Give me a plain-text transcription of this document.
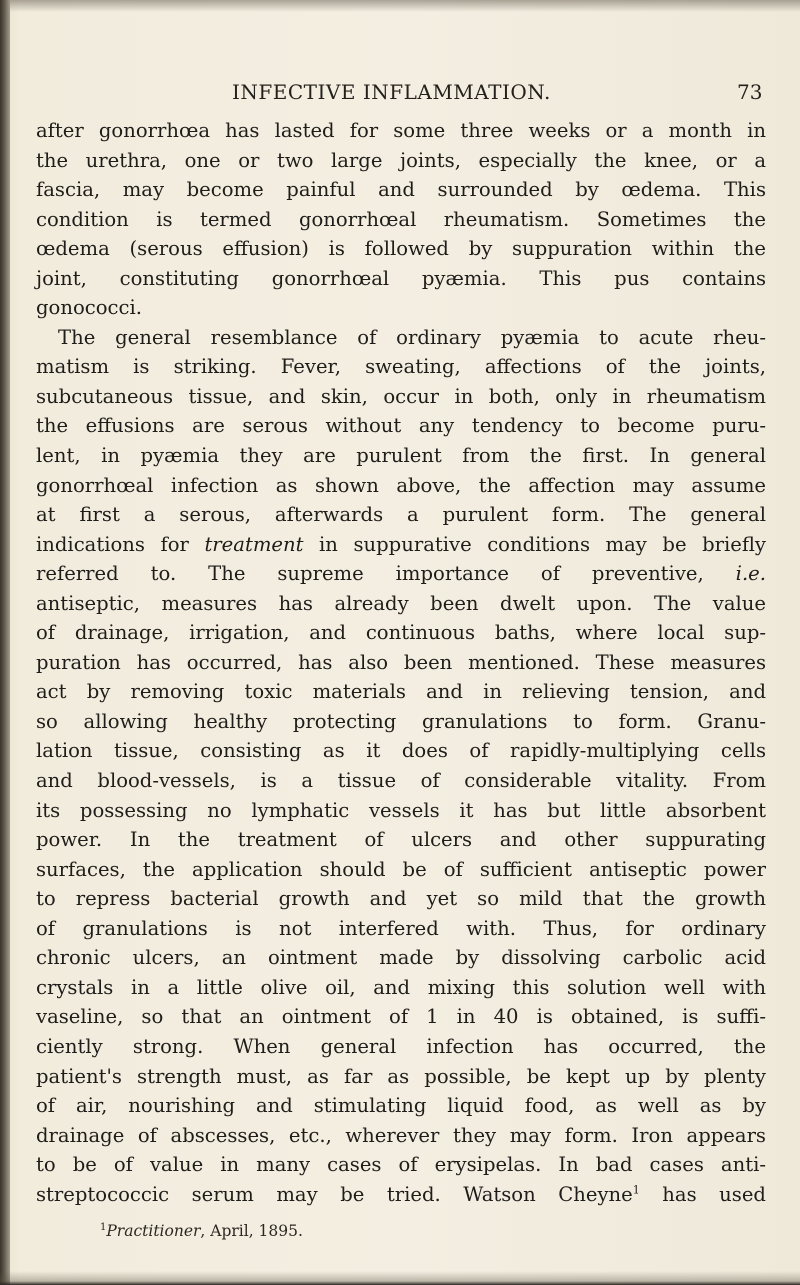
INFECTIVE INFLAMMATION.	73
after gonorrhœa has lasted for some three weeks or a month in
the urethra, one or two large joints, especially the knee, or a
fascia, may become painful and surrounded by œdema. This
condition is termed gonorrhœal rheumatism. Sometimes the
œdema (serous effusion) is followed by suppuration within the
joint, constituting gonorrhœal pyæmia. This pus contains
gonococci.
The general resemblance of ordinary pyæmia to acute rheu-
matism is striking. Fever, sweating, affections of the joints,
subcutaneous tissue, and skin, occur in both, only in rheumatism
the effusions are serous without any tendency to become puru-
lent, in pyæmia they are purulent from the first. In general
gonorrhœal infection as shown above, the affection may assume
at first a serous, afterwards a purulent form. The general
indications for treatment in suppurative conditions may be briefly
referred to. The supreme importance of preventive, i.e.
antiseptic, measures has already been dwelt upon. The value
of drainage, irrigation, and continuous baths, where local sup-
puration has occurred, has also been mentioned. These measures
act by removing toxic materials and in relieving tension, and
so allowing healthy protecting granulations to form. Granu-
lation tissue, consisting as it does of rapidly-multiplying cells
and blood-vessels, is a tissue of considerable vitality. From
its possessing no lymphatic vessels it has but little absorbent
power. In the treatment of ulcers and other suppurating
surfaces, the application should be of sufficient antiseptic power
to repress bacterial growth and yet so mild that the growth
of granulations is not interfered with. Thus, for ordinary
chronic ulcers, an ointment made by dissolving carbolic acid
crystals in a little olive oil, and mixing this solution well with
vaseline, so that an ointment of 1 in 40 is obtained, is suffi-
ciently strong. When general infection has occurred, the
patient's strength must, as far as possible, be kept up by plenty
of air, nourishing and stimulating liquid food, as well as by
drainage of abscesses, etc., wherever they may form. Iron appears
to be of value in many cases of erysipelas. In bad cases anti-
streptococcic serum may be tried. Watson Cheyne$^1$ has used
$^1$Practitioner, April, 1895.
